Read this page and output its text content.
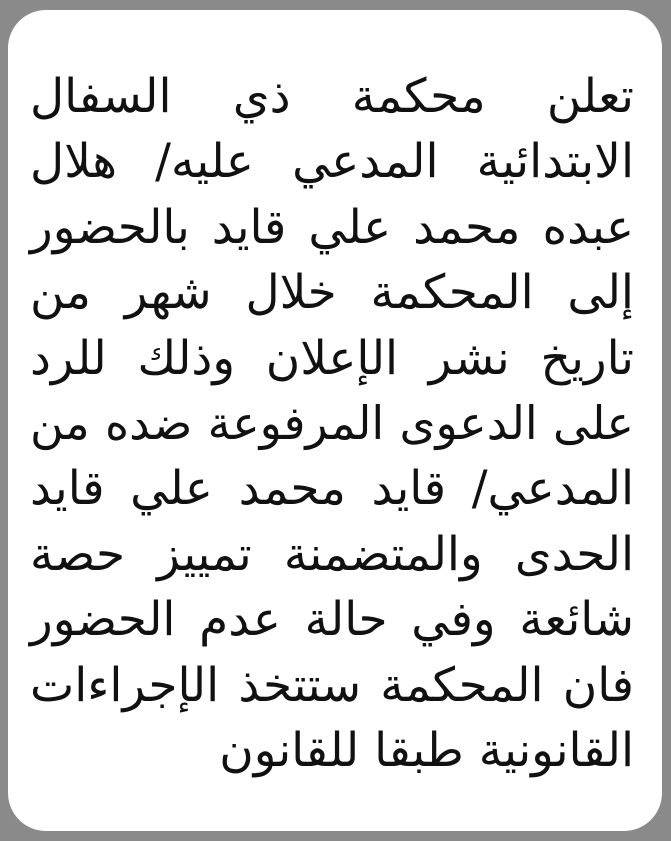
تعلن محكمة ذي السفال
الابتدائية المدعي عليه/ هلال
عبده محمد علي قايد بالحضور
إلى المحكمة خلال شهر من
تاريخ نشر الإعلان وذلك للرد
على الدعوى المرفوعة ضده من
المدعي/ قايد محمد علي قايد
الحدى والمتضمنة تمييز حصة
شائعة وفي حالة عدم الحضور
فان المحكمة ستتخذ الإجراءات
القانونية طبقا للقانون
